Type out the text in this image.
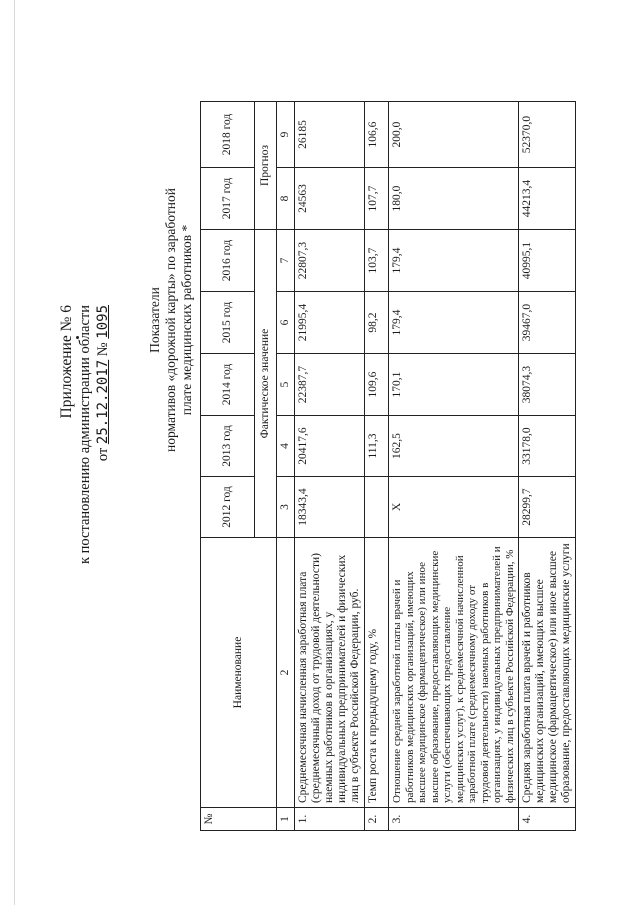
Приложение № 6 к постановлению администрации области от 25.12.2017 № 1095	Показатели нормативов «дорожной карты» по заработной плате медицинских работников *
№	Наименование	2012 год	2013 год	2014 год	2015 год	2016 год	2017 год	2018 год
		Фактическое значение					Прогноз	
1	2	3	4	5	6	7	8	9
1.	Среднемесячная начисленная заработная плата (среднемесячный доход от трудовой деятельности) наемных работников в организациях, у индивидуальных предпринимателей и физических лиц в субъекте Российской Федерации, руб.	18343,4	20417,6	22387,7	21995,4	22807,3	24563	26185
2.	Темп роста к предыдущему году, %		111,3	109,6	98,2	103,7	107,7	106,6
3.	Отношение средней заработной платы врачей и работников медицинских организаций, имеющих высшее медицинское (фармацевтическое) или иное высшее образование, предоставляющих медицинские услуги (обеспечивающих предоставление медицинских услуг), к среднемесячной начисленной заработной плате (среднемесячному доходу от трудовой деятельности) наемных работников в организациях, у индивидуальных предпринимателей и физических лиц в субъекте Российской Федерации, %	Х	162,5	170,1	179,4	179,4	180,0	200,0
4.	Средняя заработная плата врачей и работников медицинских организаций, имеющих высшее медицинское (фармацевтическое) или иное высшее образование, предоставляющих медицинские услуги	28299,7	33178,0	38074,3	39467,0	40995,1	44213,4	52370,0
